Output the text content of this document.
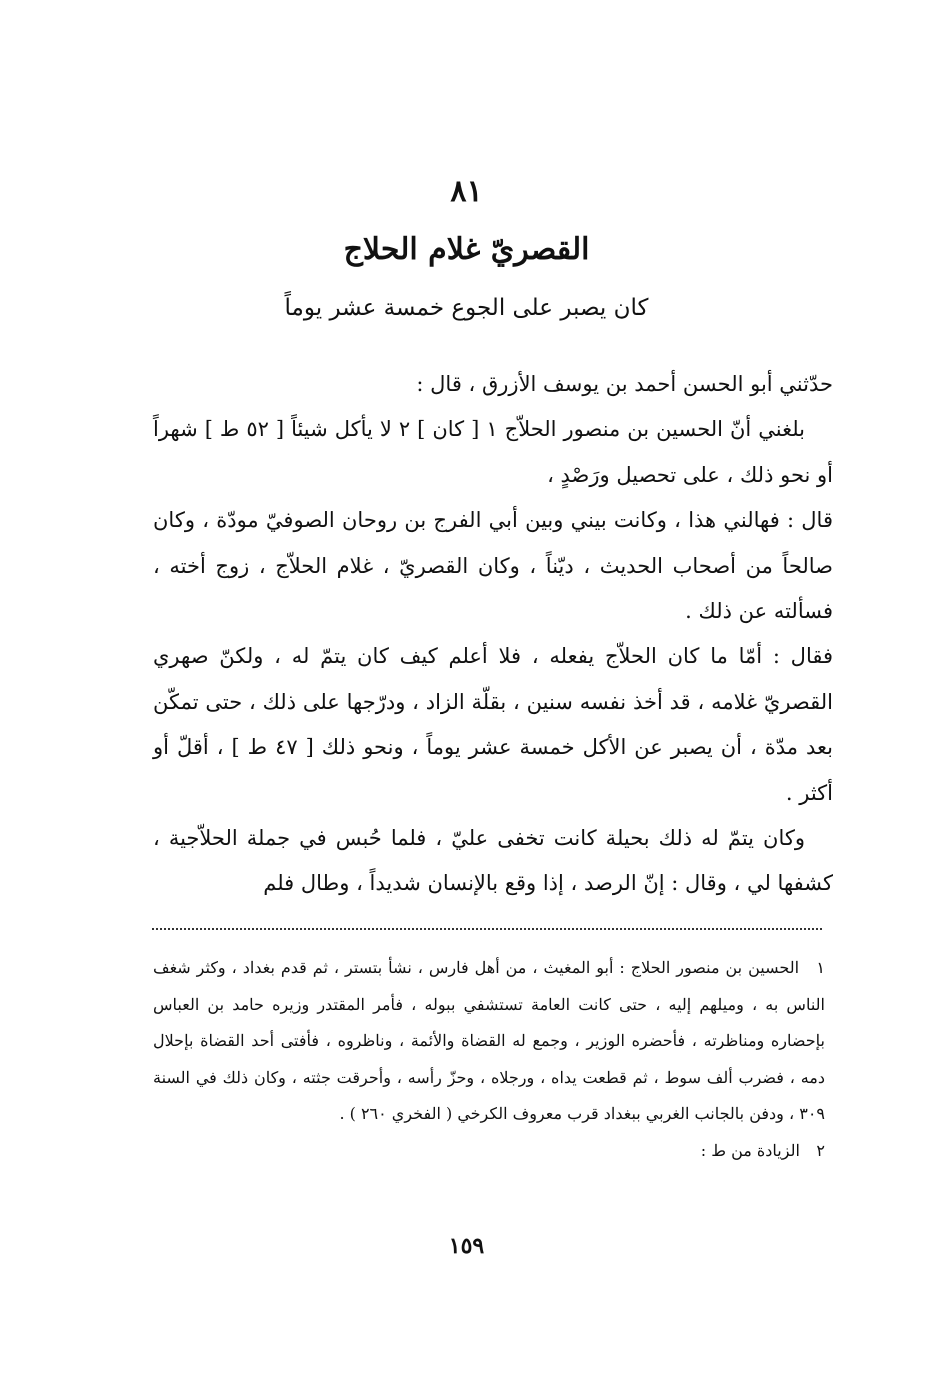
٨١
القصريّ غلام الحلاج
كان يصبر على الجوع خمسة عشر يوماً

حدّثني أبو الحسن أحمد بن يوسف الأزرق ، قال :

بلغني أنّ الحسين بن منصور الحلاّج ١ [ كان ] ٢ لا يأكل شيئاً [ ٥٢ ط ] شهراً أو نحو ذلك ، على تحصيل ورَصْدٍ ،

قال : فهالني هذا ، وكانت بيني وبين أبي الفرج بن روحان الصوفيّ مودّة ، وكان صالحاً من أصحاب الحديث ، ديّناً ، وكان القصريّ ، غلام الحلاّج ، زوج أخته ، فسألته عن ذلك .

فقال : أمّا ما كان الحلاّج يفعله ، فلا أعلم كيف كان يتمّ له ، ولكنّ صهري القصريّ غلامه ، قد أخذ نفسه سنين ، بقلّة الزاد ، ودرّجها على ذلك ، حتى تمكّن بعد مدّة ، أن يصبر عن الأكل خمسة عشر يوماً ، ونحو ذلك [ ٤٧ ط ] ، أقلّ أو أكثر .

وكان يتمّ له ذلك بحيلة كانت تخفى عليّ ، فلما حُبس في جملة الحلاّجية ، كشفها لي ، وقال : إنّ الرصد ، إذا وقع بالإنسان شديداً ، وطال فلم

١ الحسين بن منصور الحلاج : أبو المغيث ، من أهل فارس ، نشأ بتستر ، ثم قدم بغداد ، وكثر شغف الناس به ، وميلهم إليه ، حتى كانت العامة تستشفي ببوله ، فأمر المقتدر وزيره حامد بن العباس بإحضاره ومناظرته ، فأحضره الوزير ، وجمع له القضاة والأئمة ، وناظروه ، فأفتى أحد القضاة بإحلال دمه ، فضرب ألف سوط ، ثم قطعت يداه ، ورجلاه ، وحزّ رأسه ، وأحرقت جثته ، وكان ذلك في السنة ٣٠٩ ، ودفن بالجانب الغربي ببغداد قرب معروف الكرخي ( الفخري ٢٦٠ ) .

٢ الزيادة من ط :

١٥٩
